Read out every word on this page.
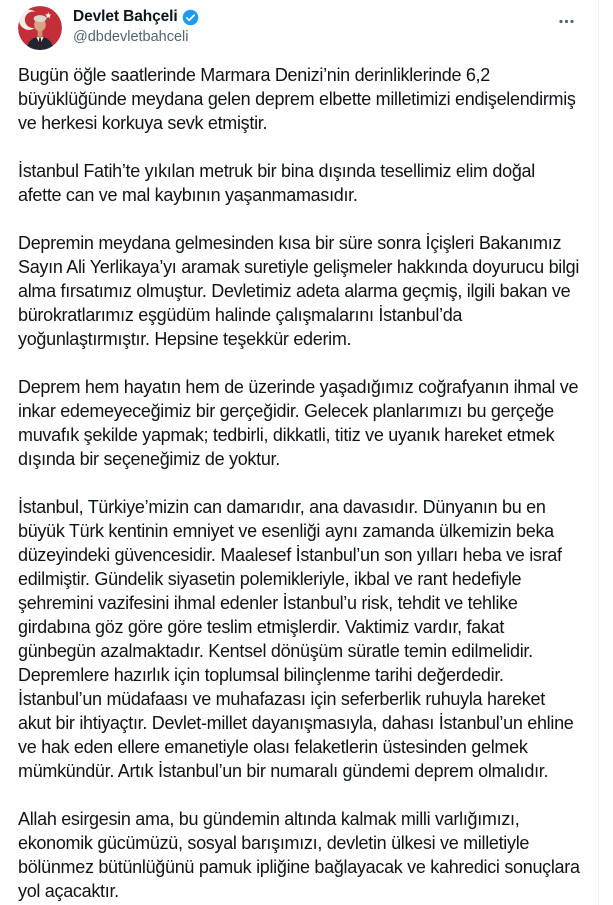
Devlet Bahçeli
@dbdevletbahceli

Bugün öğle saatlerinde Marmara Denizi’nin derinliklerinde 6,2 büyüklüğünde meydana gelen deprem elbette milletimizi endişelendirmiş ve herkesi korkuya sevk etmiştir.

İstanbul Fatih’te yıkılan metruk bir bina dışında tesellimiz elim doğal afette can ve mal kaybının yaşanmamasıdır.

Depremin meydana gelmesinden kısa bir süre sonra İçişleri Bakanımız Sayın Ali Yerlikaya’yı aramak suretiyle gelişmeler hakkında doyurucu bilgi alma fırsatımız olmuştur. Devletimiz adeta alarma geçmiş, ilgili bakan ve bürokratlarımız eşgüdüm halinde çalışmalarını İstanbul’da yoğunlaştırmıştır. Hepsine teşekkür ederim.

Deprem hem hayatın hem de üzerinde yaşadığımız coğrafyanın ihmal ve inkar edemeyeceğimiz bir gerçeğidir. Gelecek planlarımızı bu gerçeğe muvafık şekilde yapmak; tedbirli, dikkatli, titiz ve uyanık hareket etmek dışında bir seçeneğimiz de yoktur.

İstanbul, Türkiye’mizin can damarıdır, ana davasıdır. Dünyanın bu en büyük Türk kentinin emniyet ve esenliği aynı zamanda ülkemizin beka düzeyindeki güvencesidir. Maalesef İstanbul’un son yılları heba ve israf edilmiştir. Gündelik siyasetin polemikleriyle, ikbal ve rant hedefiyle şehremini vazifesini ihmal edenler İstanbul’u risk, tehdit ve tehlike girdabına göz göre göre teslim etmişlerdir. Vaktimiz vardır, fakat günbegün azalmaktadır. Kentsel dönüşüm süratle temin edilmelidir. Depremlere hazırlık için toplumsal bilinçlenme tarihi değerdedir. İstanbul’un müdafaası ve muhafazası için seferberlik ruhuyla hareket akut bir ihtiyaçtır. Devlet-millet dayanışmasıyla, dahası İstanbul’un ehline ve hak eden ellere emanetiyle olası felaketlerin üstesinden gelmek mümkündür. Artık İstanbul’un bir numaralı gündemi deprem olmalıdır.

Allah esirgesin ama, bu gündemin altında kalmak milli varlığımızı, ekonomik gücümüzü, sosyal barışımızı, devletin ülkesi ve milletiyle bölünmez bütünlüğünü pamuk ipliğine bağlayacak ve kahredici sonuçlara yol açacaktır.
